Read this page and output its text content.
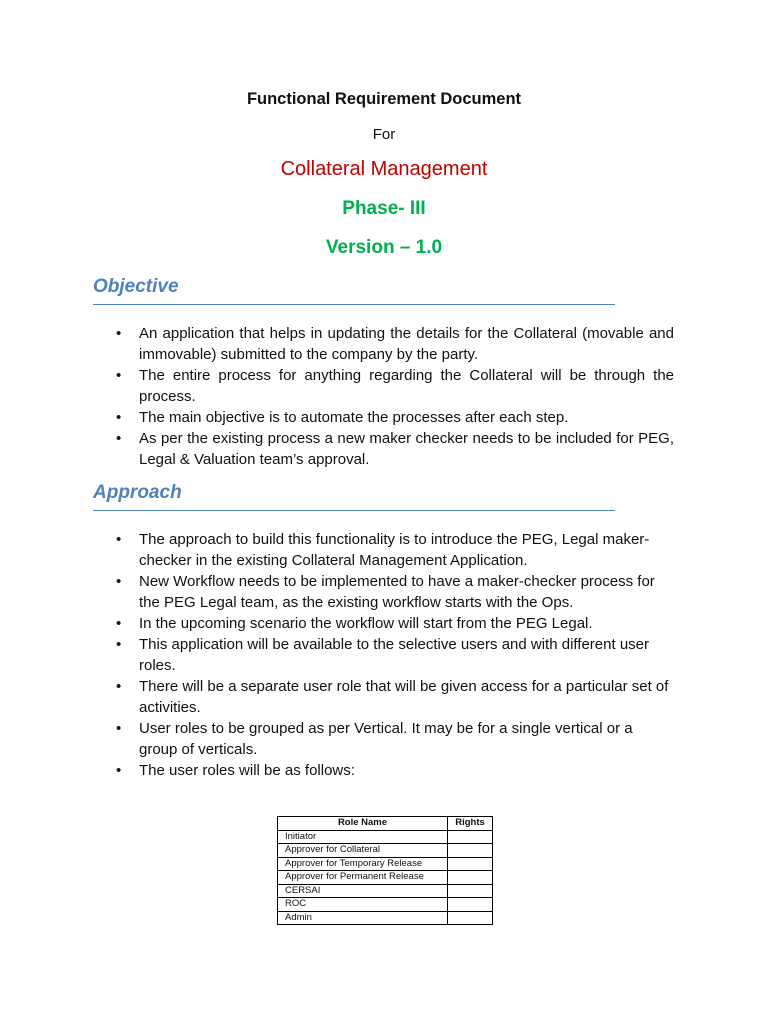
Functional Requirement Document
For
Collateral Management
Phase- III
Version – 1.0
Objective
• An application that helps in updating the details for the Collateral (movable and immovable) submitted to the company by the party.
• The entire process for anything regarding the Collateral will be through the process.
• The main objective is to automate the processes after each step.
• As per the existing process a new maker checker needs to be included for PEG, Legal & Valuation team’s approval.
Approach
• The approach to build this functionality is to introduce the PEG, Legal maker-checker in the existing Collateral Management Application.
• New Workflow needs to be implemented to have a maker-checker process for the PEG Legal team, as the existing workflow starts with the Ops.
• In the upcoming scenario the workflow will start from the PEG Legal.
• This application will be available to the selective users and with different user roles.
• There will be a separate user role that will be given access for a particular set of activities.
• User roles to be grouped as per Vertical. It may be for a single vertical or a group of verticals.
• The user roles will be as follows:
Role Name	Rights
Initiator	
Approver for Collateral	
Approver for Temporary Release	
Approver for Permanent Release	
CERSAI	
ROC	
Admin	
